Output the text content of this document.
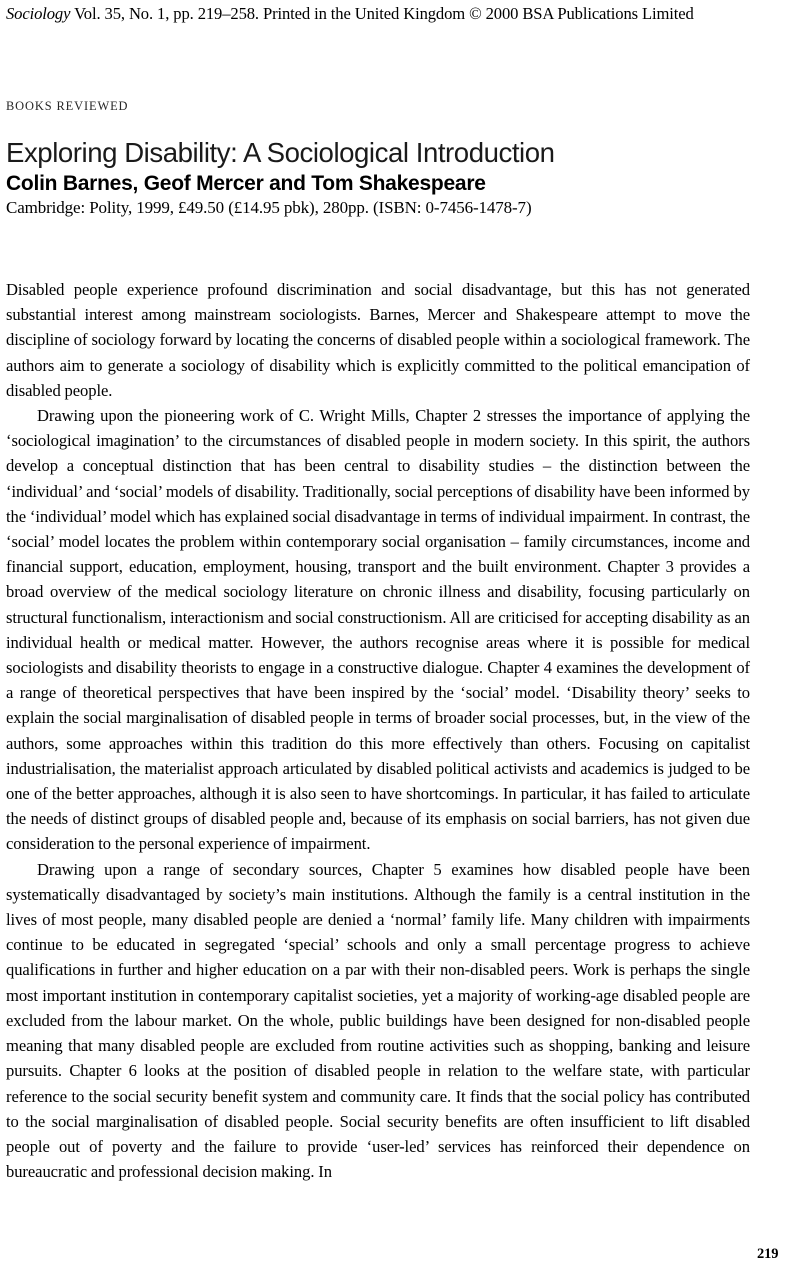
Sociology Vol. 35, No. 1, pp. 219–258. Printed in the United Kingdom © 2000 BSA Publications Limited
BOOKS REVIEWED
Exploring Disability: A Sociological Introduction
Colin Barnes, Geof Mercer and Tom Shakespeare
Cambridge: Polity, 1999, £49.50 (£14.95 pbk), 280pp. (ISBN: 0-7456-1478-7)

Disabled people experience profound discrimination and social disadvantage, but this has not generated substantial interest among mainstream sociologists. Barnes, Mercer and Shakespeare attempt to move the discipline of sociology forward by locating the concerns of disabled people within a sociological framework. The authors aim to generate a sociology of disability which is explicitly committed to the political emancipation of disabled people.

Drawing upon the pioneering work of C. Wright Mills, Chapter 2 stresses the importance of applying the ‘sociological imagination’ to the circumstances of disabled people in modern society. In this spirit, the authors develop a conceptual distinction that has been central to disability studies – the distinction between the ‘individual’ and ‘social’ models of disability. Traditionally, social perceptions of disability have been informed by the ‘individual’ model which has explained social disadvantage in terms of individual impairment. In contrast, the ‘social’ model locates the problem within contemporary social organisation – family circumstances, income and financial support, education, employment, housing, transport and the built environment. Chapter 3 provides a broad overview of the medical sociology literature on chronic illness and disability, focusing particularly on structural functionalism, interactionism and social constructionism. All are criticised for accepting disability as an individual health or medical matter. However, the authors recognise areas where it is possible for medical sociologists and disability theorists to engage in a constructive dialogue. Chapter 4 examines the development of a range of theoretical perspectives that have been inspired by the ‘social’ model. ‘Disability theory’ seeks to explain the social marginalisation of disabled people in terms of broader social processes, but, in the view of the authors, some approaches within this tradition do this more effectively than others. Focusing on capitalist industrialisation, the materialist approach articulated by disabled political activists and academics is judged to be one of the better approaches, although it is also seen to have shortcomings. In particular, it has failed to articulate the needs of distinct groups of disabled people and, because of its emphasis on social barriers, has not given due consideration to the personal experience of impairment.

Drawing upon a range of secondary sources, Chapter 5 examines how disabled people have been systematically disadvantaged by society’s main institutions. Although the family is a central institution in the lives of most people, many disabled people are denied a ‘normal’ family life. Many children with impairments continue to be educated in segregated ‘special’ schools and only a small percentage progress to achieve qualifications in further and higher education on a par with their non-disabled peers. Work is perhaps the single most important institution in contemporary capitalist societies, yet a majority of working-age disabled people are excluded from the labour market. On the whole, public buildings have been designed for non-disabled people meaning that many disabled people are excluded from routine activities such as shopping, banking and leisure pursuits. Chapter 6 looks at the position of disabled people in relation to the welfare state, with particular reference to the social security benefit system and community care. It finds that the social policy has contributed to the social marginalisation of disabled people. Social security benefits are often insufficient to lift disabled people out of poverty and the failure to provide ‘user-led’ services has reinforced their dependence on bureaucratic and professional decision making. In

219
